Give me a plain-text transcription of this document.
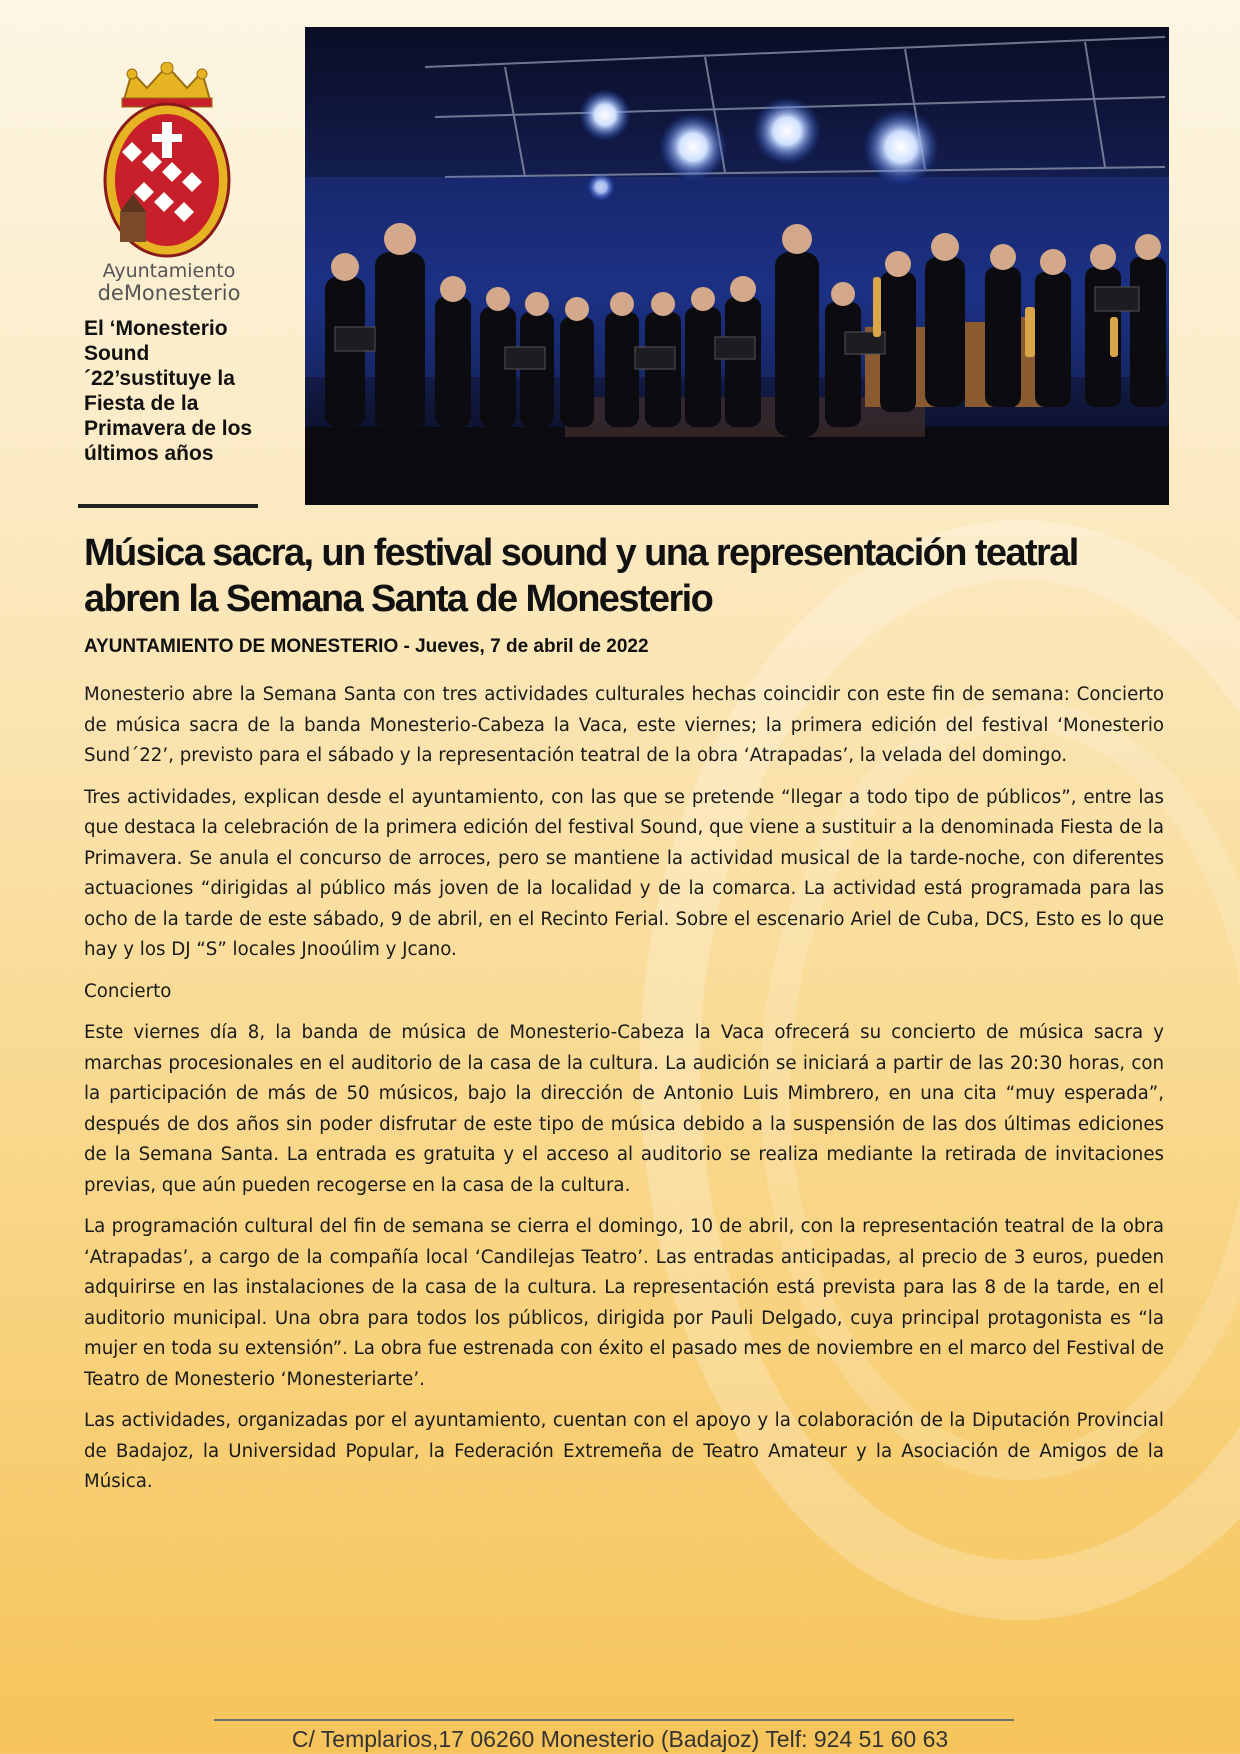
Ayuntamiento
deMonesterio
El ‘Monesterio Sound´22’sustituye la Fiesta de la Primavera de los últimos años
Música sacra, un festival sound y una representación teatral abren la Semana Santa de Monesterio
AYUNTAMIENTO DE MONESTERIO - Jueves, 7 de abril de 2022

Monesterio abre la Semana Santa con tres actividades culturales hechas coincidir con este fin de semana: Concierto de música sacra de la banda Monesterio-Cabeza la Vaca, este viernes; la primera edición del festival ‘Monesterio Sund´22’, previsto para el sábado y la representación teatral de la obra ‘Atrapadas’, la velada del domingo.

Tres actividades, explican desde el ayuntamiento, con las que se pretende “llegar a todo tipo de públicos”, entre las que destaca la celebración de la primera edición del festival Sound, que viene a sustituir a la denominada Fiesta de la Primavera. Se anula el concurso de arroces, pero se mantiene la actividad musical de la tarde-noche, con diferentes actuaciones “dirigidas al público más joven de la localidad y de la comarca. La actividad está programada para las ocho de la tarde de este sábado, 9 de abril, en el Recinto Ferial. Sobre el escenario Ariel de Cuba, DCS, Esto es lo que hay y los DJ “S” locales Jnooúlim y Jcano.

Concierto

Este viernes día 8, la banda de música de Monesterio-Cabeza la Vaca ofrecerá su concierto de música sacra y marchas procesionales en el auditorio de la casa de la cultura. La audición se iniciará a partir de las 20:30 horas, con la participación de más de 50 músicos, bajo la dirección de Antonio Luis Mimbrero, en una cita “muy esperada”, después de dos años sin poder disfrutar de este tipo de música debido a la suspensión de las dos últimas ediciones de la Semana Santa. La entrada es gratuita y el acceso al auditorio se realiza mediante la retirada de invitaciones previas, que aún pueden recogerse en la casa de la cultura.

La programación cultural del fin de semana se cierra el domingo, 10 de abril, con la representación teatral de la obra ‘Atrapadas’, a cargo de la compañía local ‘Candilejas Teatro’. Las entradas anticipadas, al precio de 3 euros, pueden adquirirse en las instalaciones de la casa de la cultura. La representación está prevista para las 8 de la tarde, en el auditorio municipal. Una obra para todos los públicos, dirigida por Pauli Delgado, cuya principal protagonista es “la mujer en toda su extensión”. La obra fue estrenada con éxito el pasado mes de noviembre en el marco del Festival de Teatro de Monesterio ‘Monesteriarte’.

Las actividades, organizadas por el ayuntamiento, cuentan con el apoyo y la colaboración de la Diputación Provincial de Badajoz, la Universidad Popular, la Federación Extremeña de Teatro Amateur y la Asociación de Amigos de la Música.

C/ Templarios,17 06260 Monesterio (Badajoz) Telf: 924 51 60 63
